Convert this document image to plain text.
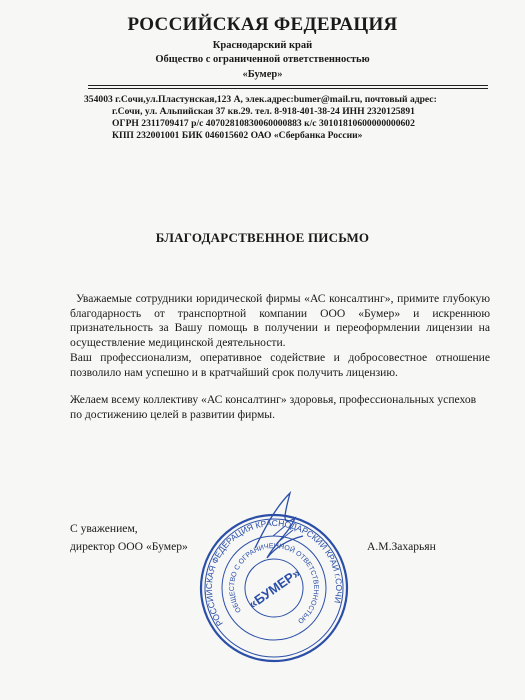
РОССИЙСКАЯ ФЕДЕРАЦИЯ
Краснодарский край
Общество с ограниченной ответственностью
«Бумер»
354003 г.Сочи,ул.Пластунская,123 А, элек.адрес:bumer@mail.ru, почтовый адрес:
г.Сочи, ул. Альпийская 37 кв.29. тел. 8-918-401-38-24 ИНН 2320125891
ОГРН 2311709417 р/с 40702810830060000883 к/с 30101810600000000602
КПП 232001001 БИК 046015602 ОАО «Сбербанка России»
БЛАГОДАРСТВЕННОЕ ПИСЬМО
Уважаемые сотрудники юридической фирмы «АС консалтинг», примите глубокую благодарность от транспортной компании ООО «Бумер» и искреннюю признательность за Вашу помощь в получении и переоформлении лицензии на осуществление медицинской деятельности.
Ваш профессионализм, оперативное содействие и добросовестное отношение позволило нам успешно и в кратчайший срок получить лицензию.
Желаем всему коллективу «АС консалтинг» здоровья, профессиональных успехов по достижению целей в развитии фирмы.
С уважением,
директор ООО «Бумер»	А.М.Захарьян
РОССИЙСКАЯ ФЕДЕРАЦИЯ КРАСНОДАРСКИЙ КРАЙ г.СОЧИ
ОБЩЕСТВО С ОГРАНИЧЕННОЙ ОТВЕТСТВЕННОСТЬЮ
«БУМЕР»
